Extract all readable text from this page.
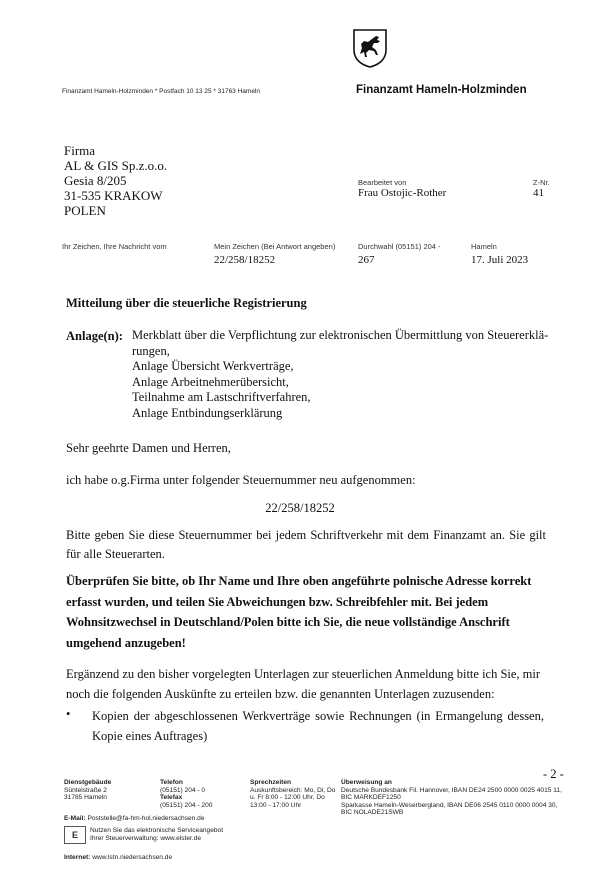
Finanzamt Hameln-Holzminden
Finanzamt Hameln-Holzminden * Postfach 10 13 25 * 31763 Hameln
Firma
AL & GIS Sp.z.o.o.
Gesia 8/205
31-535 KRAKOW
POLEN
Bearbeitet von
Frau Ostojic-Rother
Z-Nr.
41
Ihr Zeichen, Ihre Nachricht vom	Mein Zeichen (Bei Antwort angeben)
22/258/18252
Durchwahl (05151) 204 -
267
Hameln
17. Juli 2023
Mitteilung über die steuerliche Registrierung
Anlage(n): Merkblatt über die Verpflichtung zur elektronischen Übermittlung von Steuererklä-
rungen,
Anlage Übersicht Werkverträge,
Anlage Arbeitnehmerübersicht,
Teilnahme am Lastschriftverfahren,
Anlage Entbindungserklärung
Sehr geehrte Damen und Herren,
ich habe o.g.Firma unter folgender Steuernummer neu aufgenommen:
22/258/18252
Bitte geben Sie diese Steuernummer bei jedem Schriftverkehr mit dem Finanzamt an. Sie gilt für alle Steuerarten.
Überprüfen Sie bitte, ob Ihr Name und Ihre oben angeführte polnische Adresse korrekt erfasst wurden, und teilen Sie Abweichungen bzw. Schreibfehler mit. Bei jedem Wohnsitzwechsel in Deutschland/Polen bitte ich Sie, die neue vollständige Anschrift umgehend anzugeben!
Ergänzend zu den bisher vorgelegten Unterlagen zur steuerlichen Anmeldung bitte ich Sie, mir noch die folgenden Auskünfte zu erteilen bzw. die genannten Unterlagen zuzusenden:
• Kopien der abgeschlossenen Werkverträge sowie Rechnungen (in Ermangelung dessen, Kopie eines Auftrages)
- 2 -
Dienstgebäude
Süntelstraße 2
31785 Hameln
Telefon
(05151) 204 - 0
Telefax
(05151) 204 - 200
Sprechzeiten
Auskunftsbereich: Mo, Di, Do
u. Fr 8:00 - 12:00 Uhr, Do
13:00 - 17:00 Uhr
Überweisung an
Deutsche Bundesbank Fil. Hannover, IBAN DE24 2500 0000 0025 4015 11,
BIC MARKDEF1250
Sparkasse Hameln-Weserbergland, IBAN DE06 2545 0110 0000 0004 30,
BIC NOLADE21SWB
E-Mail: Poststelle@fa-hm-hol.niedersachsen.de
E	Nutzen Sie das elektronische Serviceangebot
Ihrer Steuerverwaltung: www.elster.de
Internet: www.lstn.niedersachsen.de
